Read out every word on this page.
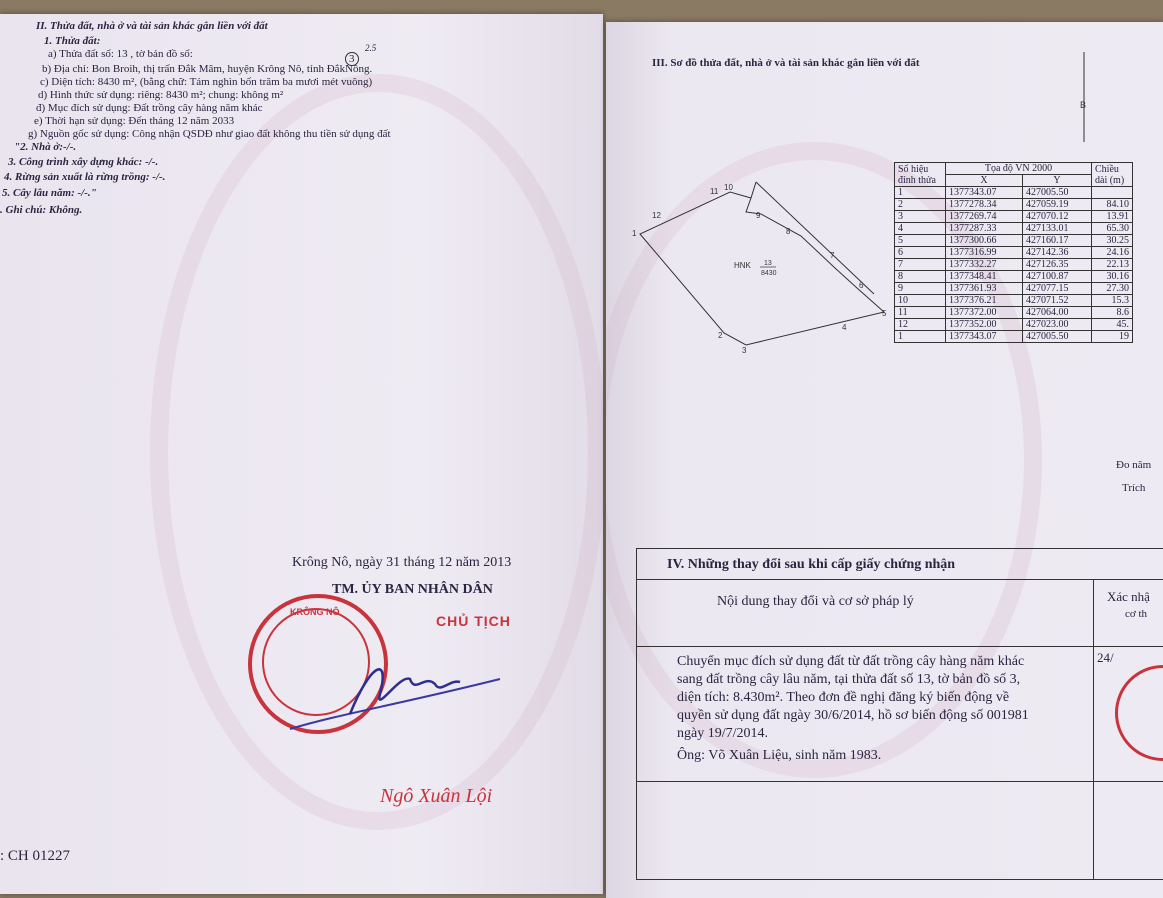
II. Thửa đất, nhà ở và tài sản khác gắn liền với đất
1. Thửa đất:
a) Thửa đất số: 13 , tờ bản đồ số:	3
2.5
b) Địa chỉ: Bon Broih, thị trấn Đắk Mâm, huyện Krông Nô, tỉnh ĐắkNông.
c) Diện tích: 8430 m², (bằng chữ: Tám nghìn bốn trăm ba mươi mét vuông)
d) Hình thức sử dụng: riêng: 8430 m²; chung: không m²
đ) Mục đích sử dụng: Đất trồng cây hàng năm khác
e) Thời hạn sử dụng: Đến tháng 12 năm 2033
g) Nguồn gốc sử dụng: Công nhận QSDĐ như giao đất không thu tiền sử dụng đất
"2. Nhà ở:-/-.
3. Công trình xây dựng khác: -/-.
4. Rừng sản xuất là rừng trồng: -/-.
5. Cây lâu năm: -/-."
. Ghi chú: Không.
Krông Nô, ngày 31 tháng 12 năm 2013
TM. ỦY BAN NHÂN DÂN
CHỦ TỊCH
KRÔNG NÔ
Ngô Xuân Lội
: CH 01227
III. Sơ đồ thửa đất, nhà ở và tài sản khác gắn liền với đất
B
1
2
3
4
5
6
7
8
9
10
11
12
HNK 13
8430
Số hiệu đỉnh thửa	Tọa độ VN 2000		Chiều dài (m)
	X	Y	
1	1377343.07	427005.50	
2	1377278.34	427059.19	84.10
3	1377269.74	427070.12	13.91
4	1377287.33	427133.01	65.30
5	1377300.66	427160.17	30.25
6	1377316.99	427142.36	24.16
7	1377332.27	427126.35	22.13
8	1377348.41	427100.87	30.16
9	1377361.93	427077.15	27.30
10	1377376.21	427071.52	15.3
11	1377372.00	427064.00	8.6
12	1377352.00	427023.00	45.
1	1377343.07	427005.50	19
Đo năm
Trích
IV. Những thay đổi sau khi cấp giấy chứng nhận
Nội dung thay đổi và cơ sở pháp lý	Xác nhậ
cơ th
Chuyển mục đích sử dụng đất từ đất trồng cây hàng năm khác
sang đất trồng cây lâu năm, tại thửa đất số 13, tờ bản đồ số 3,
diện tích: 8.430m². Theo đơn đề nghị đăng ký biến động về
quyền sử dụng đất ngày 30/6/2014, hồ sơ biến động số 001981
ngày 19/7/2014.
Ông: Võ Xuân Liệu, sinh năm 1983.
24/
